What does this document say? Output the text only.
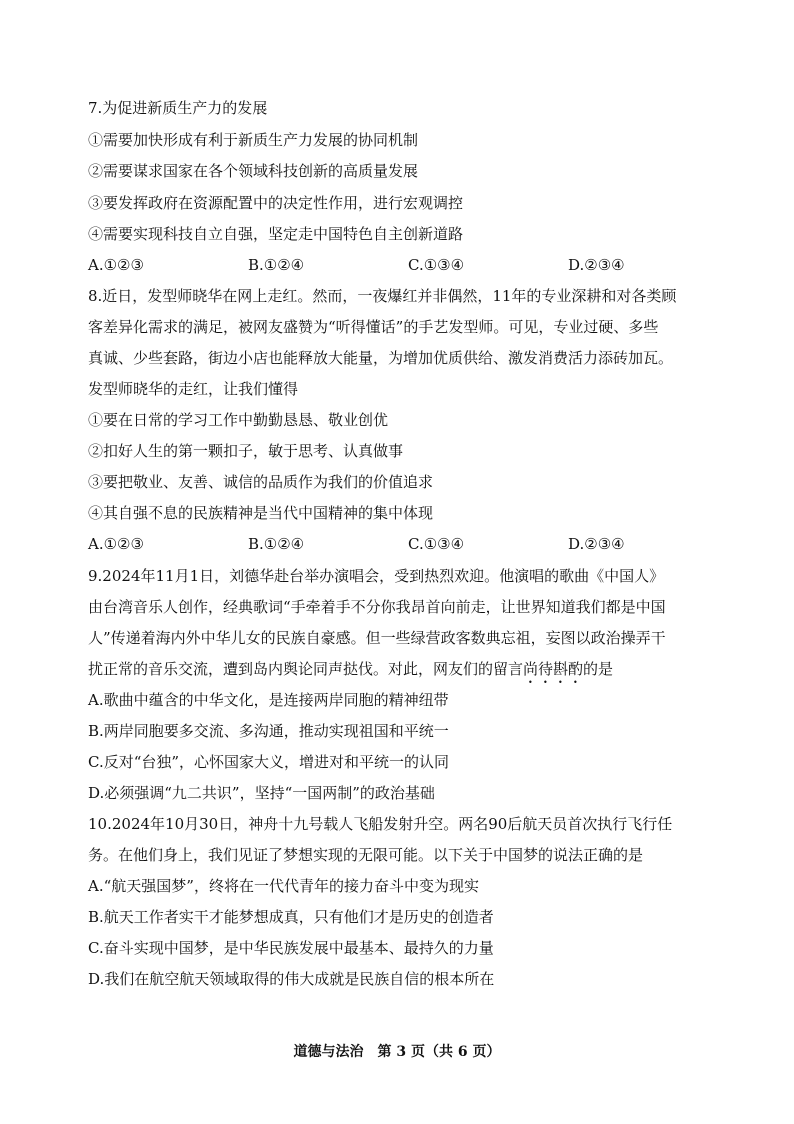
7.为促进新质生产力的发展
①需要加快形成有利于新质生产力发展的协同机制
②需要谋求国家在各个领域科技创新的高质量发展
③要发挥政府在资源配置中的决定性作用，进行宏观调控
④需要实现科技自立自强，坚定走中国特色自主创新道路
A.①②③	B.①②④	C.①③④	D.②③④
8.近日，发型师晓华在网上走红。然而，一夜爆红并非偶然，11年的专业深耕和对各类顾
客差异化需求的满足，被网友盛赞为“听得懂话”的手艺发型师。可见，专业过硬、多些
真诚、少些套路，街边小店也能释放大能量，为增加优质供给、激发消费活力添砖加瓦。
发型师晓华的走红，让我们懂得
①要在日常的学习工作中勤勤恳恳、敬业创优
②扣好人生的第一颗扣子，敏于思考、认真做事
③要把敬业、友善、诚信的品质作为我们的价值追求
④其自强不息的民族精神是当代中国精神的集中体现
A.①②③	B.①②④	C.①③④	D.②③④
9.2024年11月1日，刘德华赴台举办演唱会，受到热烈欢迎。他演唱的歌曲《中国人》
由台湾音乐人创作，经典歌词“手牵着手不分你我昂首向前走，让世界知道我们都是中国
人”传递着海内外中华儿女的民族自豪感。但一些绿营政客数典忘祖，妄图以政治操弄干
扰正常的音乐交流，遭到岛内舆论同声挞伐。对此，网友们的留言尚待斟酌的是
A.歌曲中蕴含的中华文化，是连接两岸同胞的精神纽带
B.两岸同胞要多交流、多沟通，推动实现祖国和平统一
C.反对“台独”，心怀国家大义，增进对和平统一的认同
D.必须强调“九二共识”，坚持“一国两制”的政治基础
10.2024年10月30日，神舟十九号载人飞船发射升空。两名90后航天员首次执行飞行任
务。在他们身上，我们见证了梦想实现的无限可能。以下关于中国梦的说法正确的是
A.“航天强国梦”，终将在一代代青年的接力奋斗中变为现实
B.航天工作者实干才能梦想成真，只有他们才是历史的创造者
C.奋斗实现中国梦，是中华民族发展中最基本、最持久的力量
D.我们在航空航天领域取得的伟大成就是民族自信的根本所在
道德与法治　第 3 页（共 6 页）
